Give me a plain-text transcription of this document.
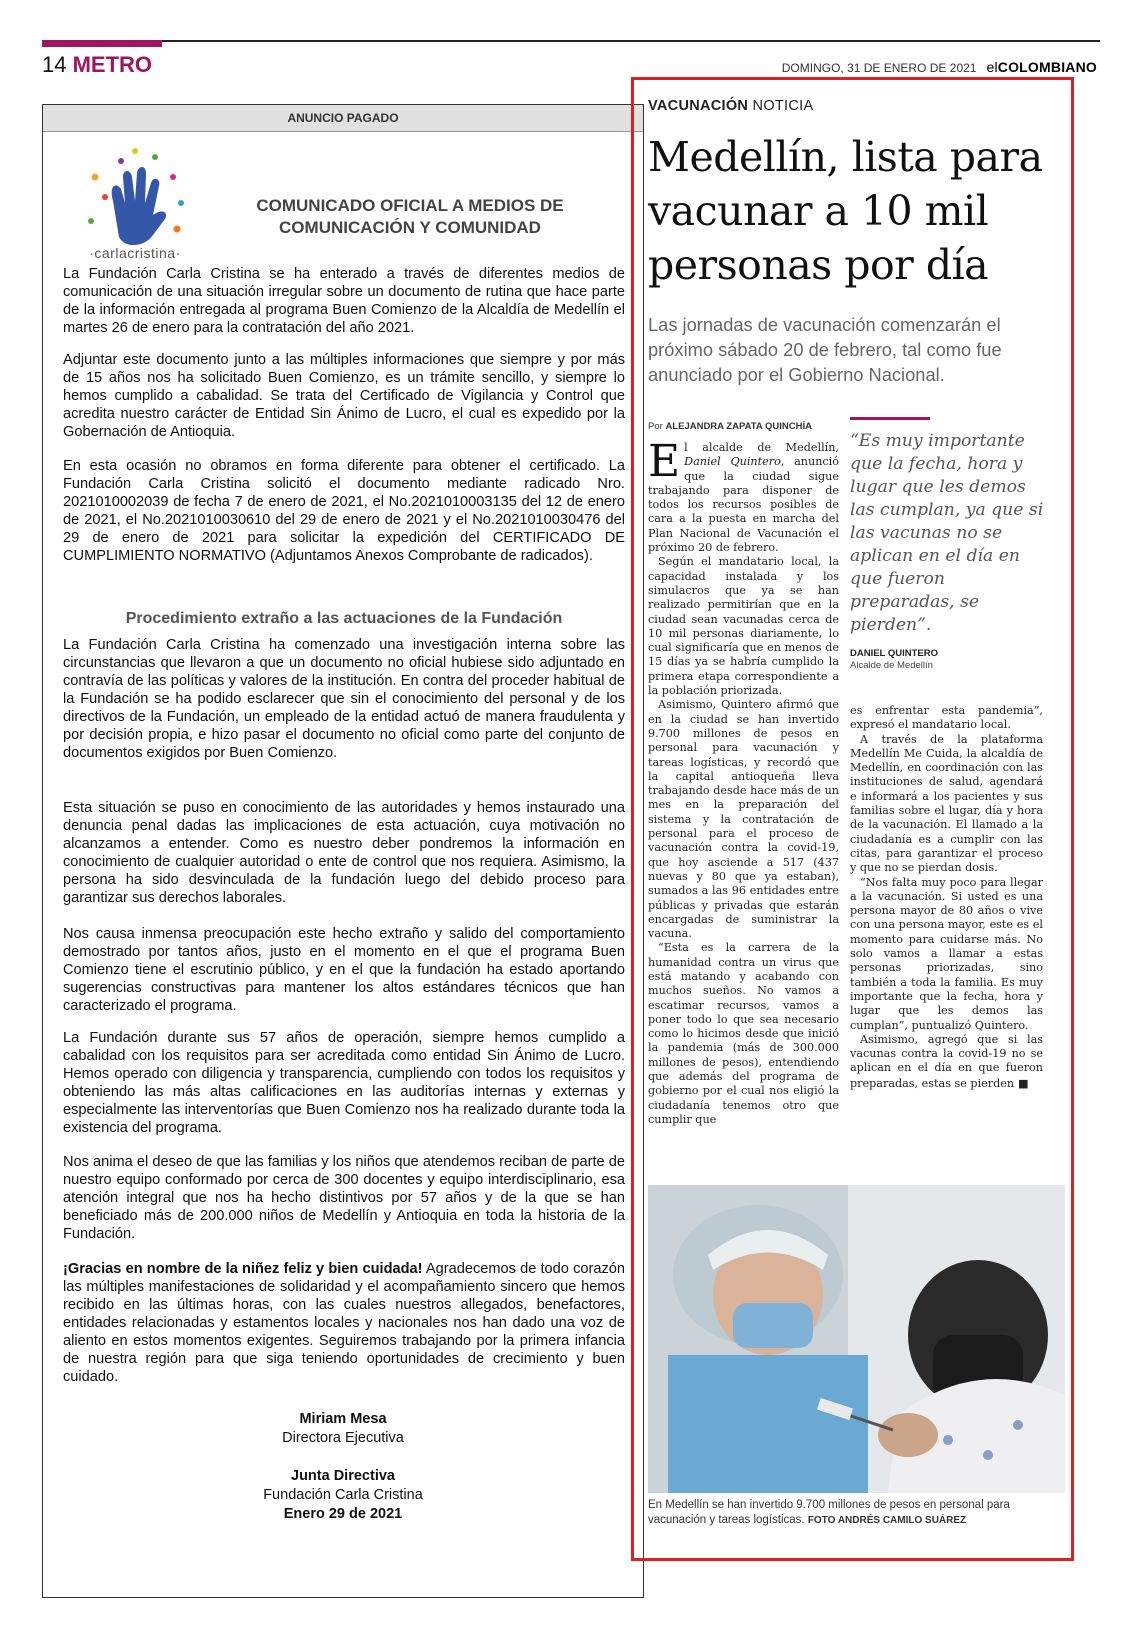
14 METRO	DOMINGO, 31 DE ENERO DE 2021 elCOLOMBIANO
ANUNCIO PAGADO
·carlacristina·
COMUNICADO OFICIAL A MEDIOS DE COMUNICACIÓN Y COMUNIDAD

La Fundación Carla Cristina se ha enterado a través de diferentes medios de comunicación de una situación irregular sobre un documento de rutina que hace parte de la información entregada al programa Buen Comienzo de la Alcaldía de Medellín el martes 26 de enero para la contratación del año 2021.

Adjuntar este documento junto a las múltiples informaciones que siempre y por más de 15 años nos ha solicitado Buen Comienzo, es un trámite sencillo, y siempre lo hemos cumplido a cabalidad. Se trata del Certificado de Vigilancia y Control que acredita nuestro carácter de Entidad Sin Ánimo de Lucro, el cual es expedido por la Gobernación de Antioquia.

En esta ocasión no obramos en forma diferente para obtener el certificado. La Fundación Carla Cristina solicitó el documento mediante radicado Nro. 2021010002039 de fecha 7 de enero de 2021, el No.2021010003135 del 12 de enero de 2021, el No.2021010030610 del 29 de enero de 2021 y el No.2021010030476 del 29 de enero de 2021 para solicitar la expedición del CERTIFICADO DE CUMPLIMIENTO NORMATIVO (Adjuntamos Anexos Comprobante de radicados).

Procedimiento extraño a las actuaciones de la Fundación

La Fundación Carla Cristina ha comenzado una investigación interna sobre las circunstancias que llevaron a que un documento no oficial hubiese sido adjuntado en contravía de las políticas y valores de la institución. En contra del proceder habitual de la Fundación se ha podido esclarecer que sin el conocimiento del personal y de los directivos de la Fundación, un empleado de la entidad actuó de manera fraudulenta y por decisión propia, e hizo pasar el documento no oficial como parte del conjunto de documentos exigidos por Buen Comienzo.

Esta situación se puso en conocimiento de las autoridades y hemos instaurado una denuncia penal dadas las implicaciones de esta actuación, cuya motivación no alcanzamos a entender. Como es nuestro deber pondremos la información en conocimiento de cualquier autoridad o ente de control que nos requiera. Asimismo, la persona ha sido desvinculada de la fundación luego del debido proceso para garantizar sus derechos laborales.

Nos causa inmensa preocupación este hecho extraño y salido del comportamiento demostrado por tantos años, justo en el momento en el que el programa Buen Comienzo tiene el escrutinio público, y en el que la fundación ha estado aportando sugerencias constructivas para mantener los altos estándares técnicos que han caracterizado el programa.

La Fundación durante sus 57 años de operación, siempre hemos cumplido a cabalidad con los requisitos para ser acreditada como entidad Sin Ánimo de Lucro. Hemos operado con diligencia y transparencia, cumpliendo con todos los requisitos y obteniendo las más altas calificaciones en las auditorías internas y externas y especialmente las interventorías que Buen Comienzo nos ha realizado durante toda la existencia del programa.

Nos anima el deseo de que las familias y los niños que atendemos reciban de parte de nuestro equipo conformado por cerca de 300 docentes y equipo interdisciplinario, esa atención integral que nos ha hecho distintivos por 57 años y de la que se han beneficiado más de 200.000 niños de Medellín y Antioquia en toda la historia de la Fundación.

¡Gracias en nombre de la niñez feliz y bien cuidada! Agradecemos de todo corazón las múltiples manifestaciones de solidaridad y el acompañamiento sincero que hemos recibido en las últimas horas, con las cuales nuestros allegados, benefactores, entidades relacionadas y estamentos locales y nacionales nos han dado una voz de aliento en estos momentos exigentes. Seguiremos trabajando por la primera infancia de nuestra región para que siga teniendo oportunidades de crecimiento y buen cuidado.

Miriam Mesa
Directora Ejecutiva
Junta Directiva
Fundación Carla Cristina
Enero 29 de 2021
VACUNACIÓN NOTICIA
Medellín, lista para vacunar a 10 mil personas por día
Las jornadas de vacunación comenzarán el próximo sábado 20 de febrero, tal como fue anunciado por el Gobierno Nacional.
Por ALEJANDRA ZAPATA QUINCHÍA

El alcalde de Medellín, Daniel Quintero, anunció que la ciudad sigue trabajando para disponer de todos los recursos posibles de cara a la puesta en marcha del Plan Nacional de Vacunación el próximo 20 de febrero.

Según el mandatario local, la capacidad instalada y los simulacros que ya se han realizado permitirían que en la ciudad sean vacunadas cerca de 10 mil personas diariamente, lo cual significaría que en menos de 15 días ya se habría cumplido la primera etapa correspondiente a la población priorizada.

Asimismo, Quintero afirmó que en la ciudad se han invertido 9.700 millones de pesos en personal para vacunación y tareas logísticas, y recordó que la capital antioqueña lleva trabajando desde hace más de un mes en la preparación del sistema y la contratación de personal para el proceso de vacunación contra la covid-19, que hoy asciende a 517 (437 nuevas y 80 que ya estaban), sumados a las 96 entidades entre públicas y privadas que estarán encargadas de suministrar la vacuna.

“Esta es la carrera de la humanidad contra un virus que está matando y acabando con muchos sueños. No vamos a escatimar recursos, vamos a poner todo lo que sea necesario como lo hicimos desde que inició la pandemia (más de 300.000 millones de pesos), entendiendo que además del programa de gobierno por el cual nos eligió la ciudadanía tenemos otro que cumplir que

“Es muy importante que la fecha, hora y lugar que les demos las cumplan, ya que si las vacunas no se aplican en el día en que fueron preparadas, se pierden”.
DANIEL QUINTERO
Alcalde de Medellín

es enfrentar esta pandemia”, expresó el mandatario local.

A través de la plataforma Medellín Me Cuida, la alcaldía de Medellín, en coordinación con las instituciones de salud, agendará e informará a los pacientes y sus familias sobre el lugar, día y hora de la vacunación. El llamado a la ciudadanía es a cumplir con las citas, para garantizar el proceso y que no se pierdan dosis.

“Nos falta muy poco para llegar a la vacunación. Si usted es una persona mayor de 80 años o vive con una persona mayor, este es el momento para cuidarse más. No solo vamos a llamar a estas personas priorizadas, sino también a toda la familia. Es muy importante que la fecha, hora y lugar que les demos las cumplan”, puntualizó Quintero.

Asimismo, agregó que si las vacunas contra la covid-19 no se aplican en el día en que fueron preparadas, estas se pierden ■

En Medellín se han invertido 9.700 millones de pesos en personal para vacunación y tareas logísticas. FOTO ANDRÉS CAMILO SUÁREZ
